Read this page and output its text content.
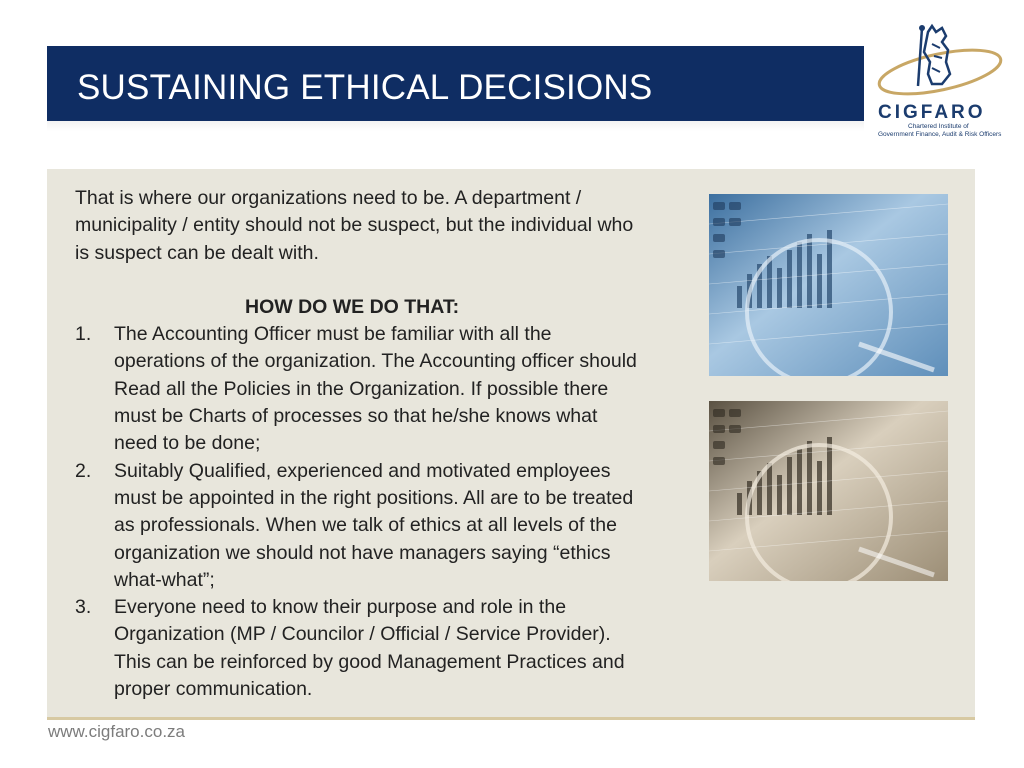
SUSTAINING ETHICAL DECISIONS
CIGFARO
Chartered Institute of
Government Finance, Audit & Risk Officers

That is where our organizations need to be. A department / municipality / entity should not be suspect, but the individual who is suspect can be dealt with.

HOW DO WE DO THAT:

1. The Accounting Officer must be familiar with all the operations of the organization. The Accounting officer should Read all the Policies in the Organization. If possible there must be Charts of processes so that he/she knows what need to be done;
2. Suitably Qualified, experienced and motivated employees must be appointed in the right positions. All are to be treated as professionals. When we talk of ethics at all levels of the organization we should not have managers saying “ethics what-what”;
3. Everyone need to know their purpose and role in the Organization (MP / Councilor / Official / Service Provider). This can be reinforced by good Management Practices and proper communication.
www.cigfaro.co.za
